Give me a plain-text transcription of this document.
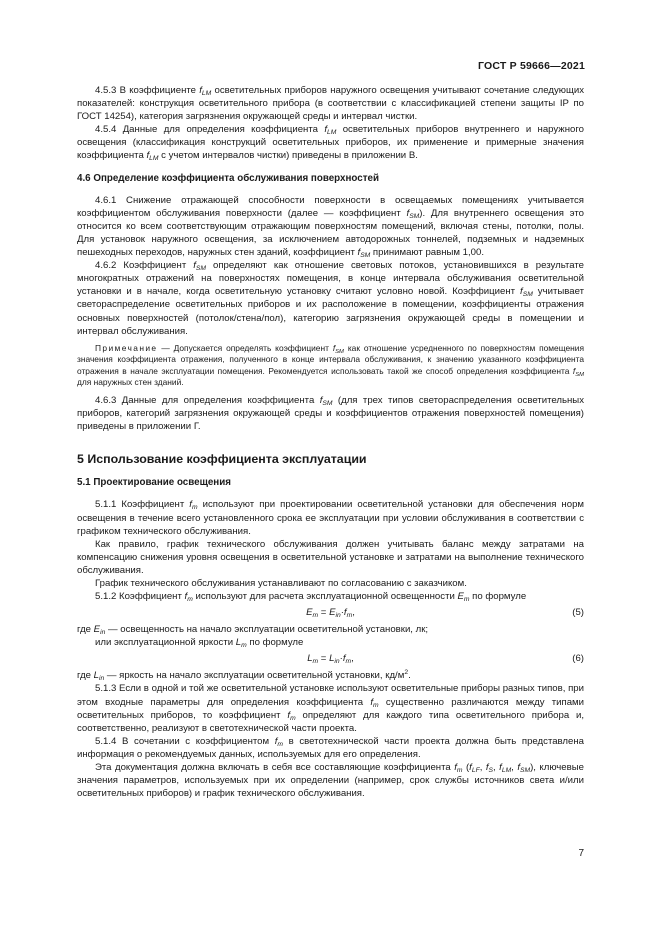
ГОСТ Р 59666—2021

4.5.3 В коэффициенте $f_{LM}$ осветительных приборов наружного освещения учитывают сочетание следующих показателей: конструкция осветительного прибора (в соответствии с классификацией степени защиты IP по ГОСТ 14254), категория загрязнения окружающей среды и интервал чистки.

4.5.4 Данные для определения коэффициента $f_{LM}$ осветительных приборов внутреннего и наружного освещения (классификация конструкций осветительных приборов, их применение и примерные значения коэффициента $f_{LM}$ с учетом интервалов чистки) приведены в приложении В.

4.6 Определение коэффициента обслуживания поверхностей

4.6.1 Снижение отражающей способности поверхности в освещаемых помещениях учитывается коэффициентом обслуживания поверхности (далее — коэффициент $f_{SM}$). Для внутреннего освещения это относится ко всем соответствующим отражающим поверхностям помещений, включая стены, потолки, полы. Для установок наружного освещения, за исключением автодорожных тоннелей, подземных и надземных пешеходных переходов, наружных стен зданий, коэффициент $f_{SM}$ принимают равным 1,00.

4.6.2 Коэффициент $f_{SM}$ определяют как отношение световых потоков, установившихся в результате многократных отражений на поверхностях помещения, в конце интервала обслуживания осветительной установки и в начале, когда осветительную установку считают условно новой. Коэффициент $f_{SM}$ учитывает светораспределение осветительных приборов и их расположение в помещении, коэффициенты отражения основных поверхностей (потолок/стена/пол), категорию загрязнения окружающей среды в помещении и интервал обслуживания.

Примечание — Допускается определять коэффициент $f_{SM}$ как отношение усредненного по поверхностям помещения значения коэффициента отражения, полученного в конце интервала обслуживания, к значению указанного коэффициента отражения в начале эксплуатации помещения. Рекомендуется использовать такой же способ определения коэффициента $f_{SM}$ для наружных стен зданий.

4.6.3 Данные для определения коэффициента $f_{SM}$ (для трех типов светораспределения осветительных приборов, категорий загрязнения окружающей среды и коэффициентов отражения поверхностей помещения) приведены в приложении Г.

5 Использование коэффициента эксплуатации

5.1 Проектирование освещения

5.1.1 Коэффициент $f_m$ используют при проектировании осветительной установки для обеспечения норм освещения в течение всего установленного срока ее эксплуатации при условии обслуживания в соответствии с графиком технического обслуживания.

Как правило, график технического обслуживания должен учитывать баланс между затратами на компенсацию снижения уровня освещения в осветительной установке и затратами на выполнение технического обслуживания.

График технического обслуживания устанавливают по согласованию с заказчиком.

5.1.2 Коэффициент $f_m$ используют для расчета эксплуатационной освещенности $E_m$ по формуле

$E_m = E_{in}\cdot f_m$,	(5)

где $E_{in}$ — освещенность на начало эксплуатации осветительной установки, лк;

или эксплуатационной яркости $L_m$ по формуле

$L_m = L_{in}\cdot f_m$,	(6)

где $L_{in}$ — яркость на начало эксплуатации осветительной установки, $кд/м^2$.

5.1.3 Если в одной и той же осветительной установке используют осветительные приборы разных типов, при этом входные параметры для определения коэффициента $f_m$ существенно различаются между типами осветительных приборов, то коэффициент $f_m$ определяют для каждого типа осветительного прибора и, соответственно, реализуют в светотехнической части проекта.

5.1.4 В сочетании с коэффициентом $f_m$ в светотехнической части проекта должна быть представлена информация о рекомендуемых данных, используемых для его определения.

Эта документация должна включать в себя все составляющие коэффициента $f_m$ ($f_{LF}$, $f_S$, $f_{LM}$, $f_{SM}$), ключевые значения параметров, используемых при их определении (например, срок службы источников света и/или осветительных приборов) и график технического обслуживания.

7
